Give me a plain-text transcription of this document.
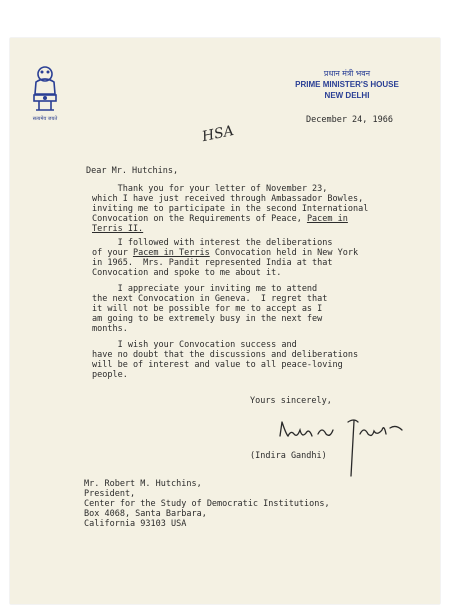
सत्यमेव जयते
प्रधान मंत्री भवन
PRIME MINISTER'S HOUSE
NEW DELHI
HSA
December 24, 1966
Dear Mr. Hutchins,
Thank you for your letter of November 23,
which I have just received through Ambassador Bowles,
inviting me to participate in the second International
Convocation on the Requirements of Peace, Pacem in
Terris II.
I followed with interest the deliberations
of your Pacem in Terris Convocation held in New York
in 1965.  Mrs. Pandit represented India at that
Convocation and spoke to me about it.
I appreciate your inviting me to attend
the next Convocation in Geneva.  I regret that
it will not be possible for me to accept as I
am going to be extremely busy in the next few
months.
I wish your Convocation success and
have no doubt that the discussions and deliberations
will be of interest and value to all peace-loving
people.
Yours sincerely,
(Indira Gandhi)
Mr. Robert M. Hutchins,
President,
Center for the Study of Democratic Institutions,
Box 4068, Santa Barbara,
California 93103 USA
